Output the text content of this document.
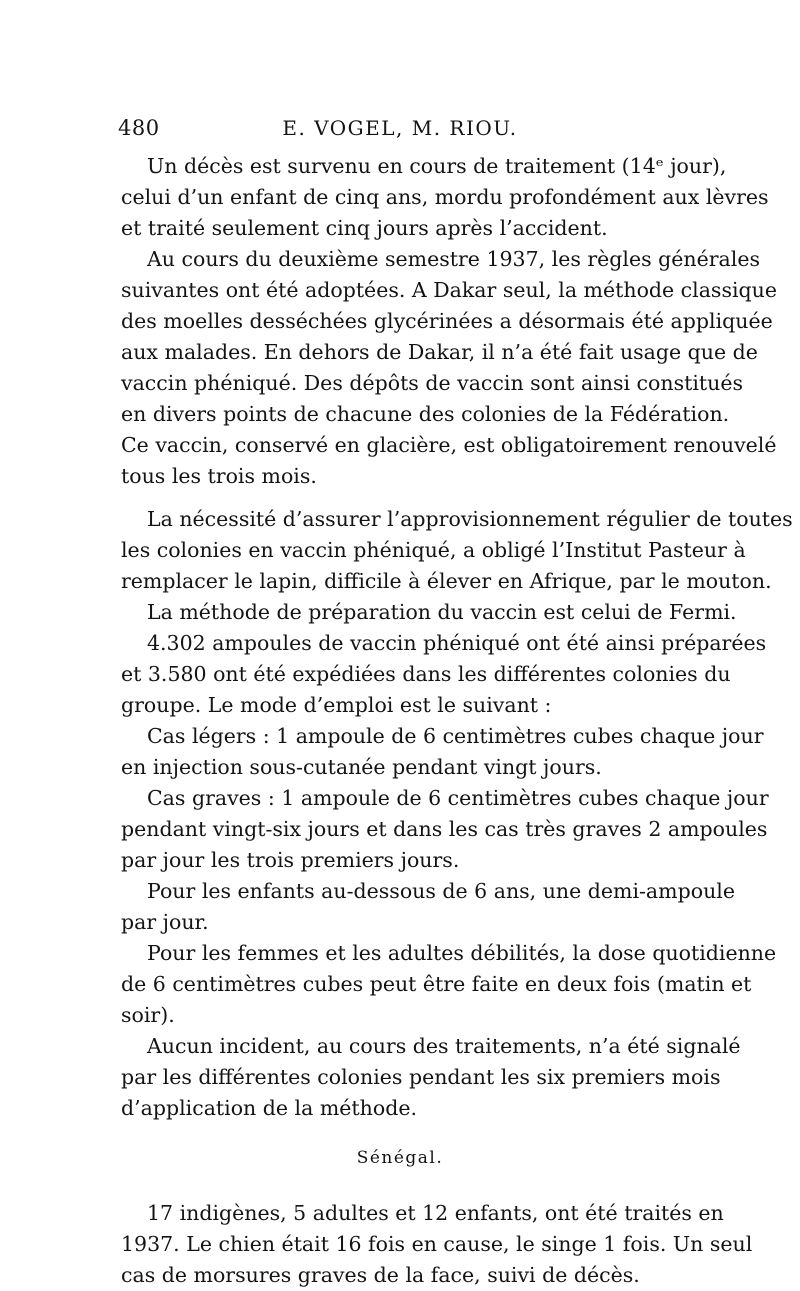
480	E. VOGEL, M. RIOU.
Un décès est survenu en cours de traitement (14ᵉ jour),
celui d’un enfant de cinq ans, mordu profondément aux lèvres
et traité seulement cinq jours après l’accident.
Au cours du deuxième semestre 1937, les règles générales
suivantes ont été adoptées. A Dakar seul, la méthode classique
des moelles desséchées glycérinées a désormais été appliquée
aux malades. En dehors de Dakar, il n’a été fait usage que de
vaccin phéniqué. Des dépôts de vaccin sont ainsi constitués
en divers points de chacune des colonies de la Fédération.
Ce vaccin, conservé en glacière, est obligatoirement renouvelé
tous les trois mois.
La nécessité d’assurer l’approvisionnement régulier de toutes
les colonies en vaccin phéniqué, a obligé l’Institut Pasteur à
remplacer le lapin, difficile à élever en Afrique, par le mouton.
La méthode de préparation du vaccin est celui de Fermi.
4.302 ampoules de vaccin phéniqué ont été ainsi préparées
et 3.580 ont été expédiées dans les différentes colonies du
groupe. Le mode d’emploi est le suivant :
Cas légers : 1 ampoule de 6 centimètres cubes chaque jour
en injection sous-cutanée pendant vingt jours.
Cas graves : 1 ampoule de 6 centimètres cubes chaque jour
pendant vingt-six jours et dans les cas très graves 2 ampoules
par jour les trois premiers jours.
Pour les enfants au-dessous de 6 ans, une demi-ampoule
par jour.
Pour les femmes et les adultes débilités, la dose quotidienne
de 6 centimètres cubes peut être faite en deux fois (matin et
soir).
Aucun incident, au cours des traitements, n’a été signalé
par les différentes colonies pendant les six premiers mois
d’application de la méthode.
Sénégal.
17 indigènes, 5 adultes et 12 enfants, ont été traités en
1937. Le chien était 16 fois en cause, le singe 1 fois. Un seul
cas de morsures graves de la face, suivi de décès.
